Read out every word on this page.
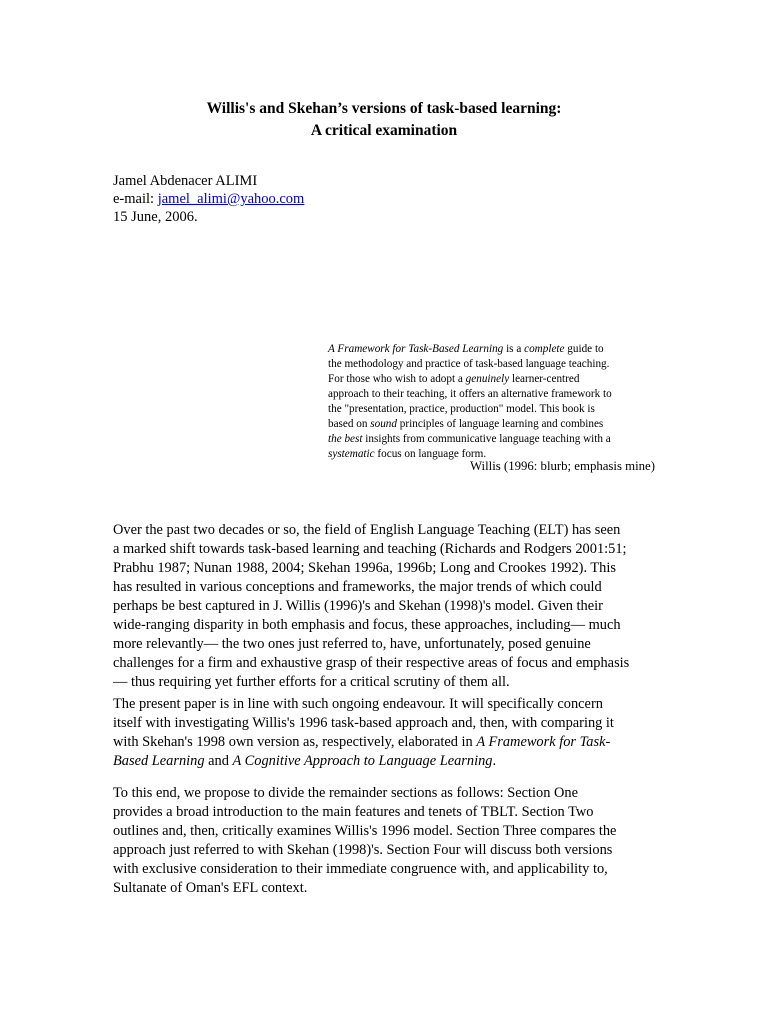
Willis's and Skehan’s versions of task-based learning:
A critical examination
Jamel Abdenacer ALIMI
e-mail: jamel_alimi@yahoo.com
15 June, 2006.
A Framework for Task-Based Learning is a complete guide to
the methodology and practice of task-based language teaching.
For those who wish to adopt a genuinely learner-centred
approach to their teaching, it offers an alternative framework to
the "presentation, practice, production" model. This book is
based on sound principles of language learning and combines
the best insights from communicative language teaching with a
systematic focus on language form.
Willis (1996: blurb; emphasis mine)
Over the past two decades or so, the field of English Language Teaching (ELT) has seen
a marked shift towards task-based learning and teaching (Richards and Rodgers 2001:51;
Prabhu 1987; Nunan 1988, 2004; Skehan 1996a, 1996b; Long and Crookes 1992). This
has resulted in various conceptions and frameworks, the major trends of which could
perhaps be best captured in J. Willis (1996)'s and Skehan (1998)'s model. Given their
wide-ranging disparity in both emphasis and focus, these approaches, including— much
more relevantly— the two ones just referred to, have, unfortunately, posed genuine
challenges for a firm and exhaustive grasp of their respective areas of focus and emphasis
— thus requiring yet further efforts for a critical scrutiny of them all.
The present paper is in line with such ongoing endeavour. It will specifically concern
itself with investigating Willis's 1996 task-based approach and, then, with comparing it
with Skehan's 1998 own version as, respectively, elaborated in A Framework for Task-
Based Learning and A Cognitive Approach to Language Learning.
To this end, we propose to divide the remainder sections as follows: Section One
provides a broad introduction to the main features and tenets of TBLT. Section Two
outlines and, then, critically examines Willis's 1996 model. Section Three compares the
approach just referred to with Skehan (1998)'s. Section Four will discuss both versions
with exclusive consideration to their immediate congruence with, and applicability to,
Sultanate of Oman's EFL context.
